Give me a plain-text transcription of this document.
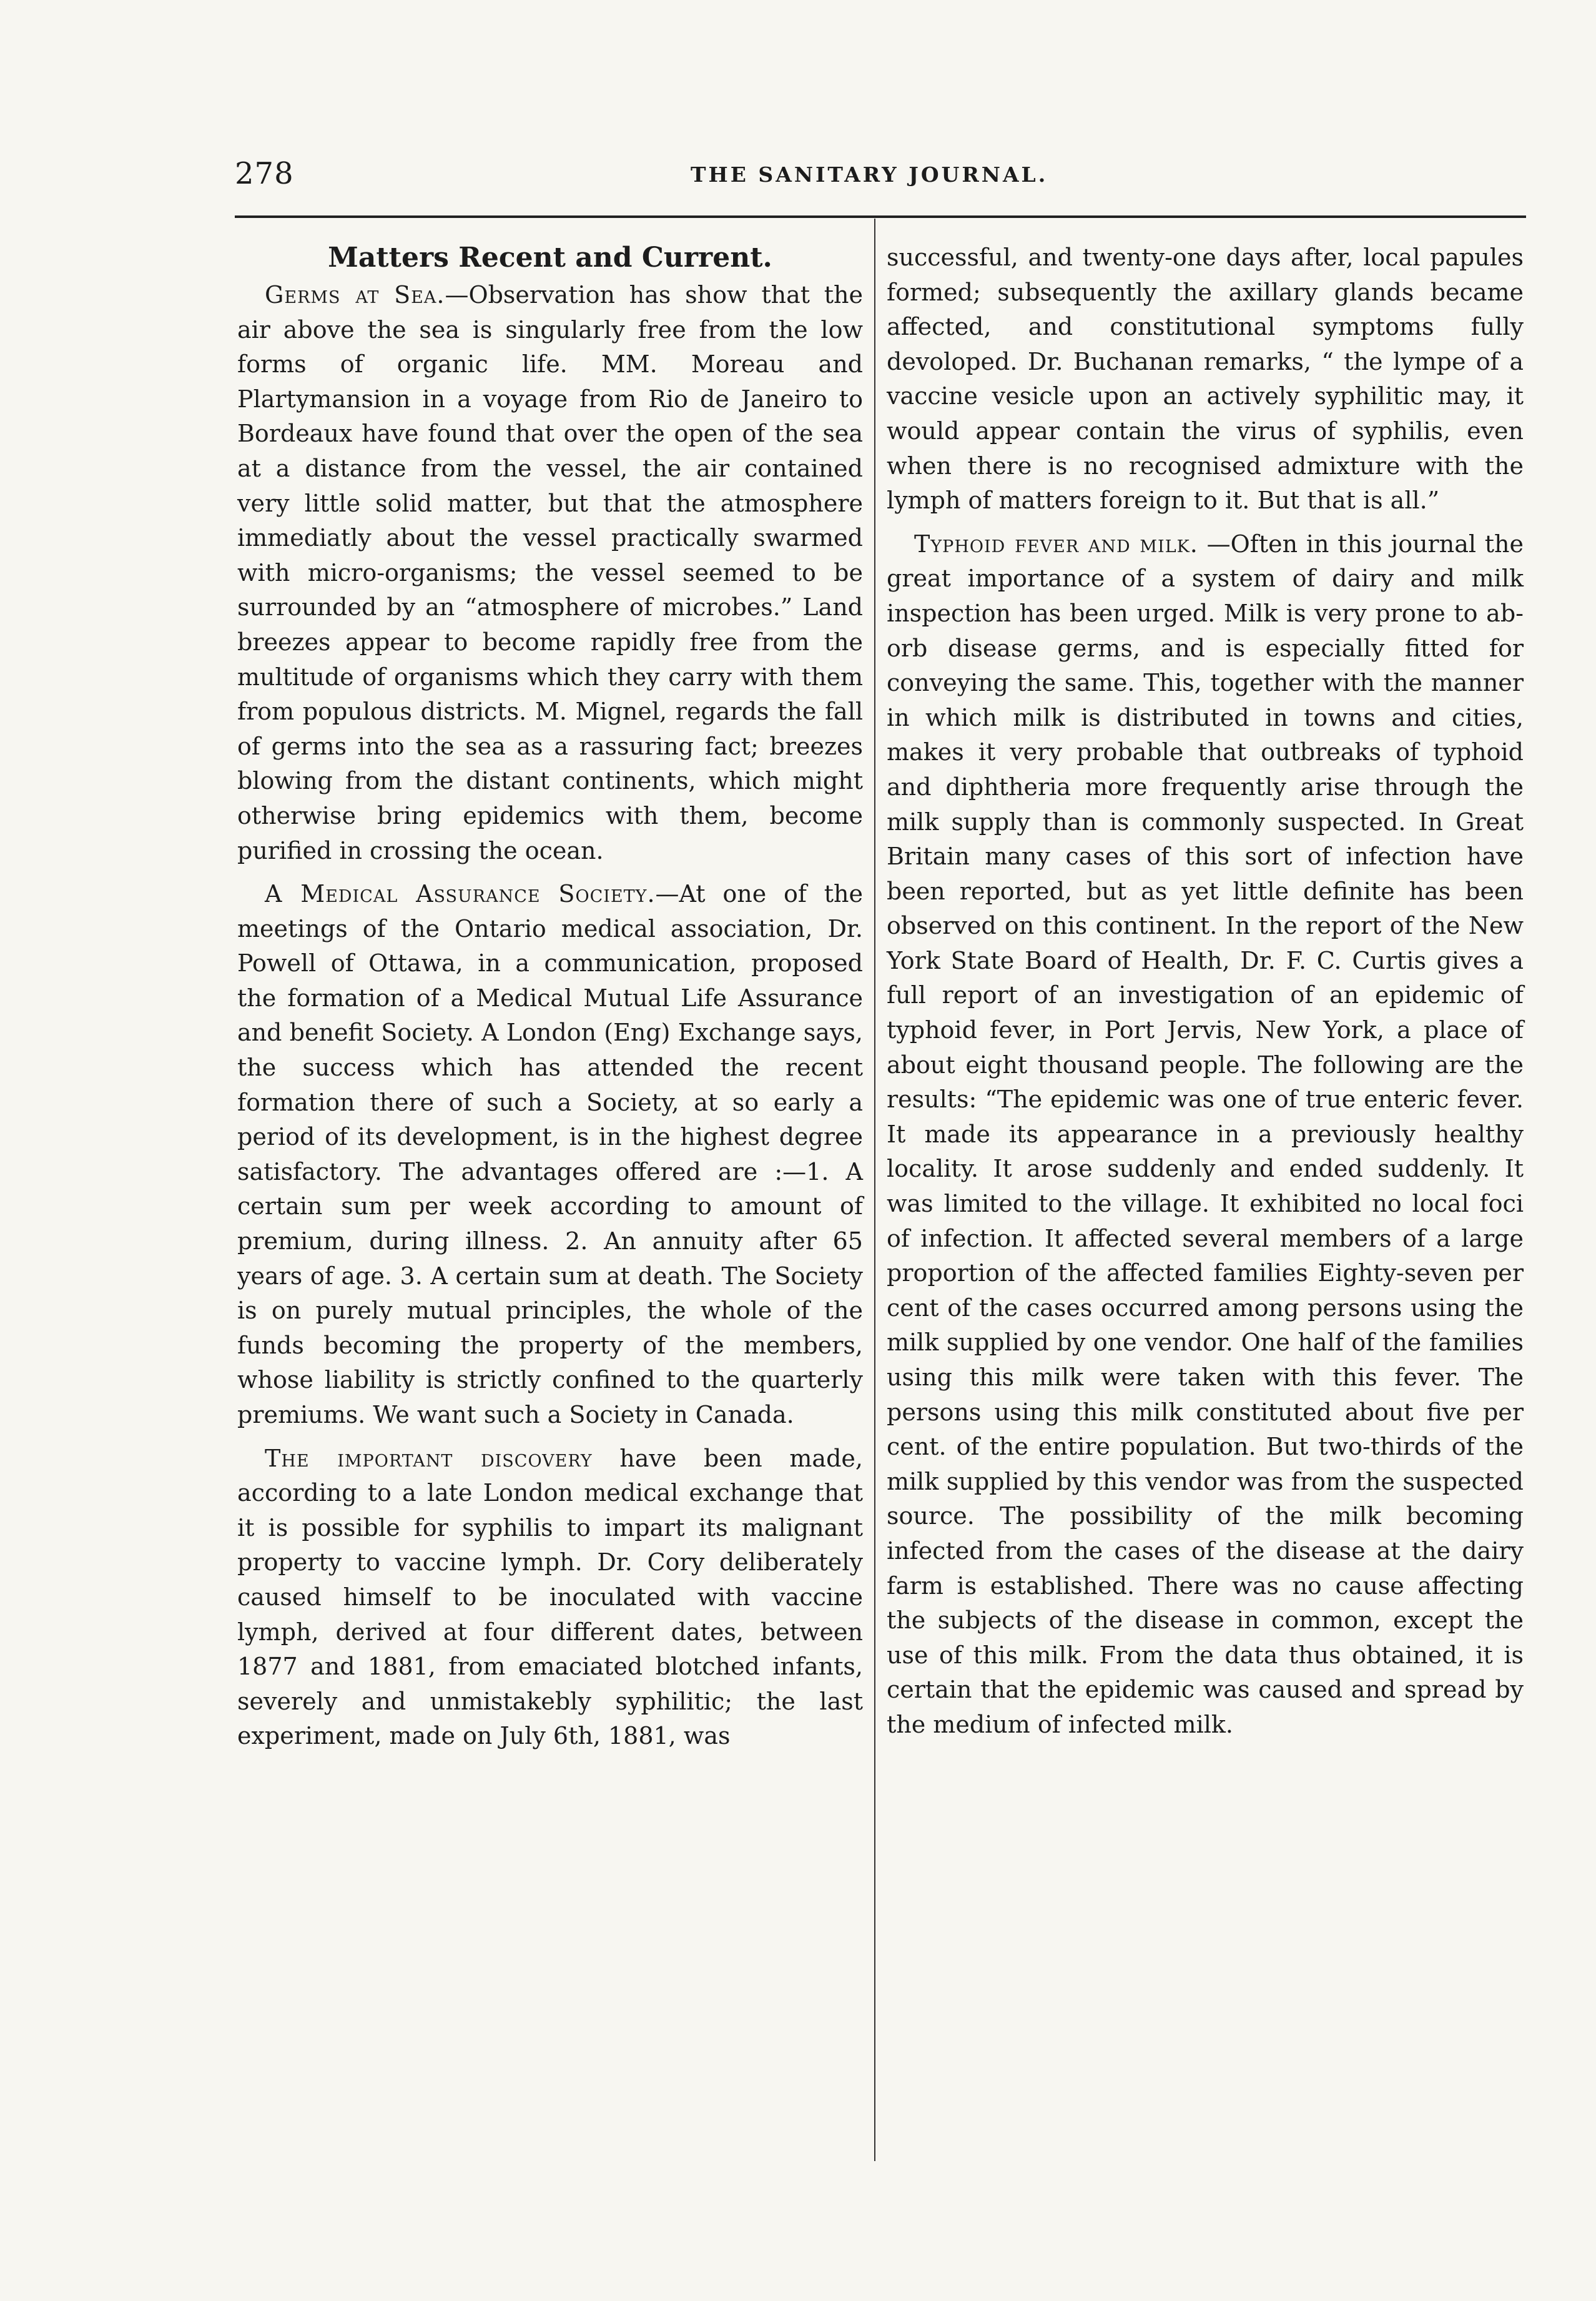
278	THE SANITARY JOURNAL.
Matters Recent and Current.

Germs at Sea.—Observation has show that the air above the sea is singularly free from the low forms of organic life. MM. Moreau and Plartymansion in a voyage from Rio de Janeiro to Bordeaux have found that over the open of the sea at a distance from the vessel, the air contained very little solid matter, but that the atmosphere immediatly about the vessel practically swarmed with micro-organisms; the vessel seemed to be surrounded by an “atmosphere of microbes.” Land breezes appear to become rapidly free from the multitude of organisms which they carry with them from populous districts. M. Mignel, regards the fall of germs into the sea as a rassuring fact; breezes blowing from the distant continents, which might otherwise bring epidemics with them, become purified in crossing the ocean.

A Medical Assurance Society.—At one of the meetings of the Ontario medical association, Dr. Powell of Ottawa, in a communication, proposed the formation of a Medical Mutual Life Assurance and benefit Society. A London (Eng) Exchange says, the success which has attended the recent formation there of such a Society, at so early a period of its development, is in the highest degree satisfactory. The advantages offered are :—1. A certain sum per week according to amount of premium, during illness. 2. An annuity after 65 years of age. 3. A certain sum at death. The Society is on purely mutual principles, the whole of the funds becoming the property of the members, whose liability is strictly confined to the quarterly premiums. We want such a Society in Canada.

The important discovery have been made, according to a late London medical exchange that it is possible for syphilis to impart its malignant property to vaccine lymph. Dr. Cory deliberately caused himself to be inoculated with vaccine lymph, derived at four different dates, between 1877 and 1881, from emaciated blotched infants, severely and unmistakebly syphilitic; the last experiment, made on July 6th, 1881, was

successful, and twenty-one days after, local papules formed; subsequently the axillary glands became affected, and constitutional symptoms fully devoloped. Dr. Buchanan remarks, “ the lympe of a vaccine vesicle upon an actively syphilitic may, it would appear contain the virus of syphilis, even when there is no recognised admixture with the lymph of matters foreign to it. But that is all.”

Typhoid fever and milk. —Often in this journal the great importance of a system of dairy and milk inspection has been urged. Milk is very prone to ab-orb disease germs, and is especially fitted for conveying the same. This, together with the manner in which milk is distributed in towns and cities, makes it very probable that outbreaks of typhoid and diphtheria more frequently arise through the milk supply than is commonly suspected. In Great Britain many cases of this sort of infection have been reported, but as yet little definite has been observed on this continent. In the report of the New York State Board of Health, Dr. F. C. Curtis gives a full report of an investigation of an epidemic of typhoid fever, in Port Jervis, New York, a place of about eight thousand people. The following are the results: “The epidemic was one of true enteric fever. It made its appearance in a previously healthy locality. It arose suddenly and ended suddenly. It was limited to the village. It exhibited no local foci of infection. It affected several members of a large proportion of the affected families Eighty-seven per cent of the cases occurred among persons using the milk supplied by one vendor. One half of the families using this milk were taken with this fever. The persons using this milk constituted about five per cent. of the entire population. But two-thirds of the milk supplied by this vendor was from the suspected source. The possibility of the milk becoming infected from the cases of the disease at the dairy farm is established. There was no cause affecting the subjects of the disease in common, except the use of this milk. From the data thus obtained, it is certain that the epidemic was caused and spread by the medium of infected milk.
